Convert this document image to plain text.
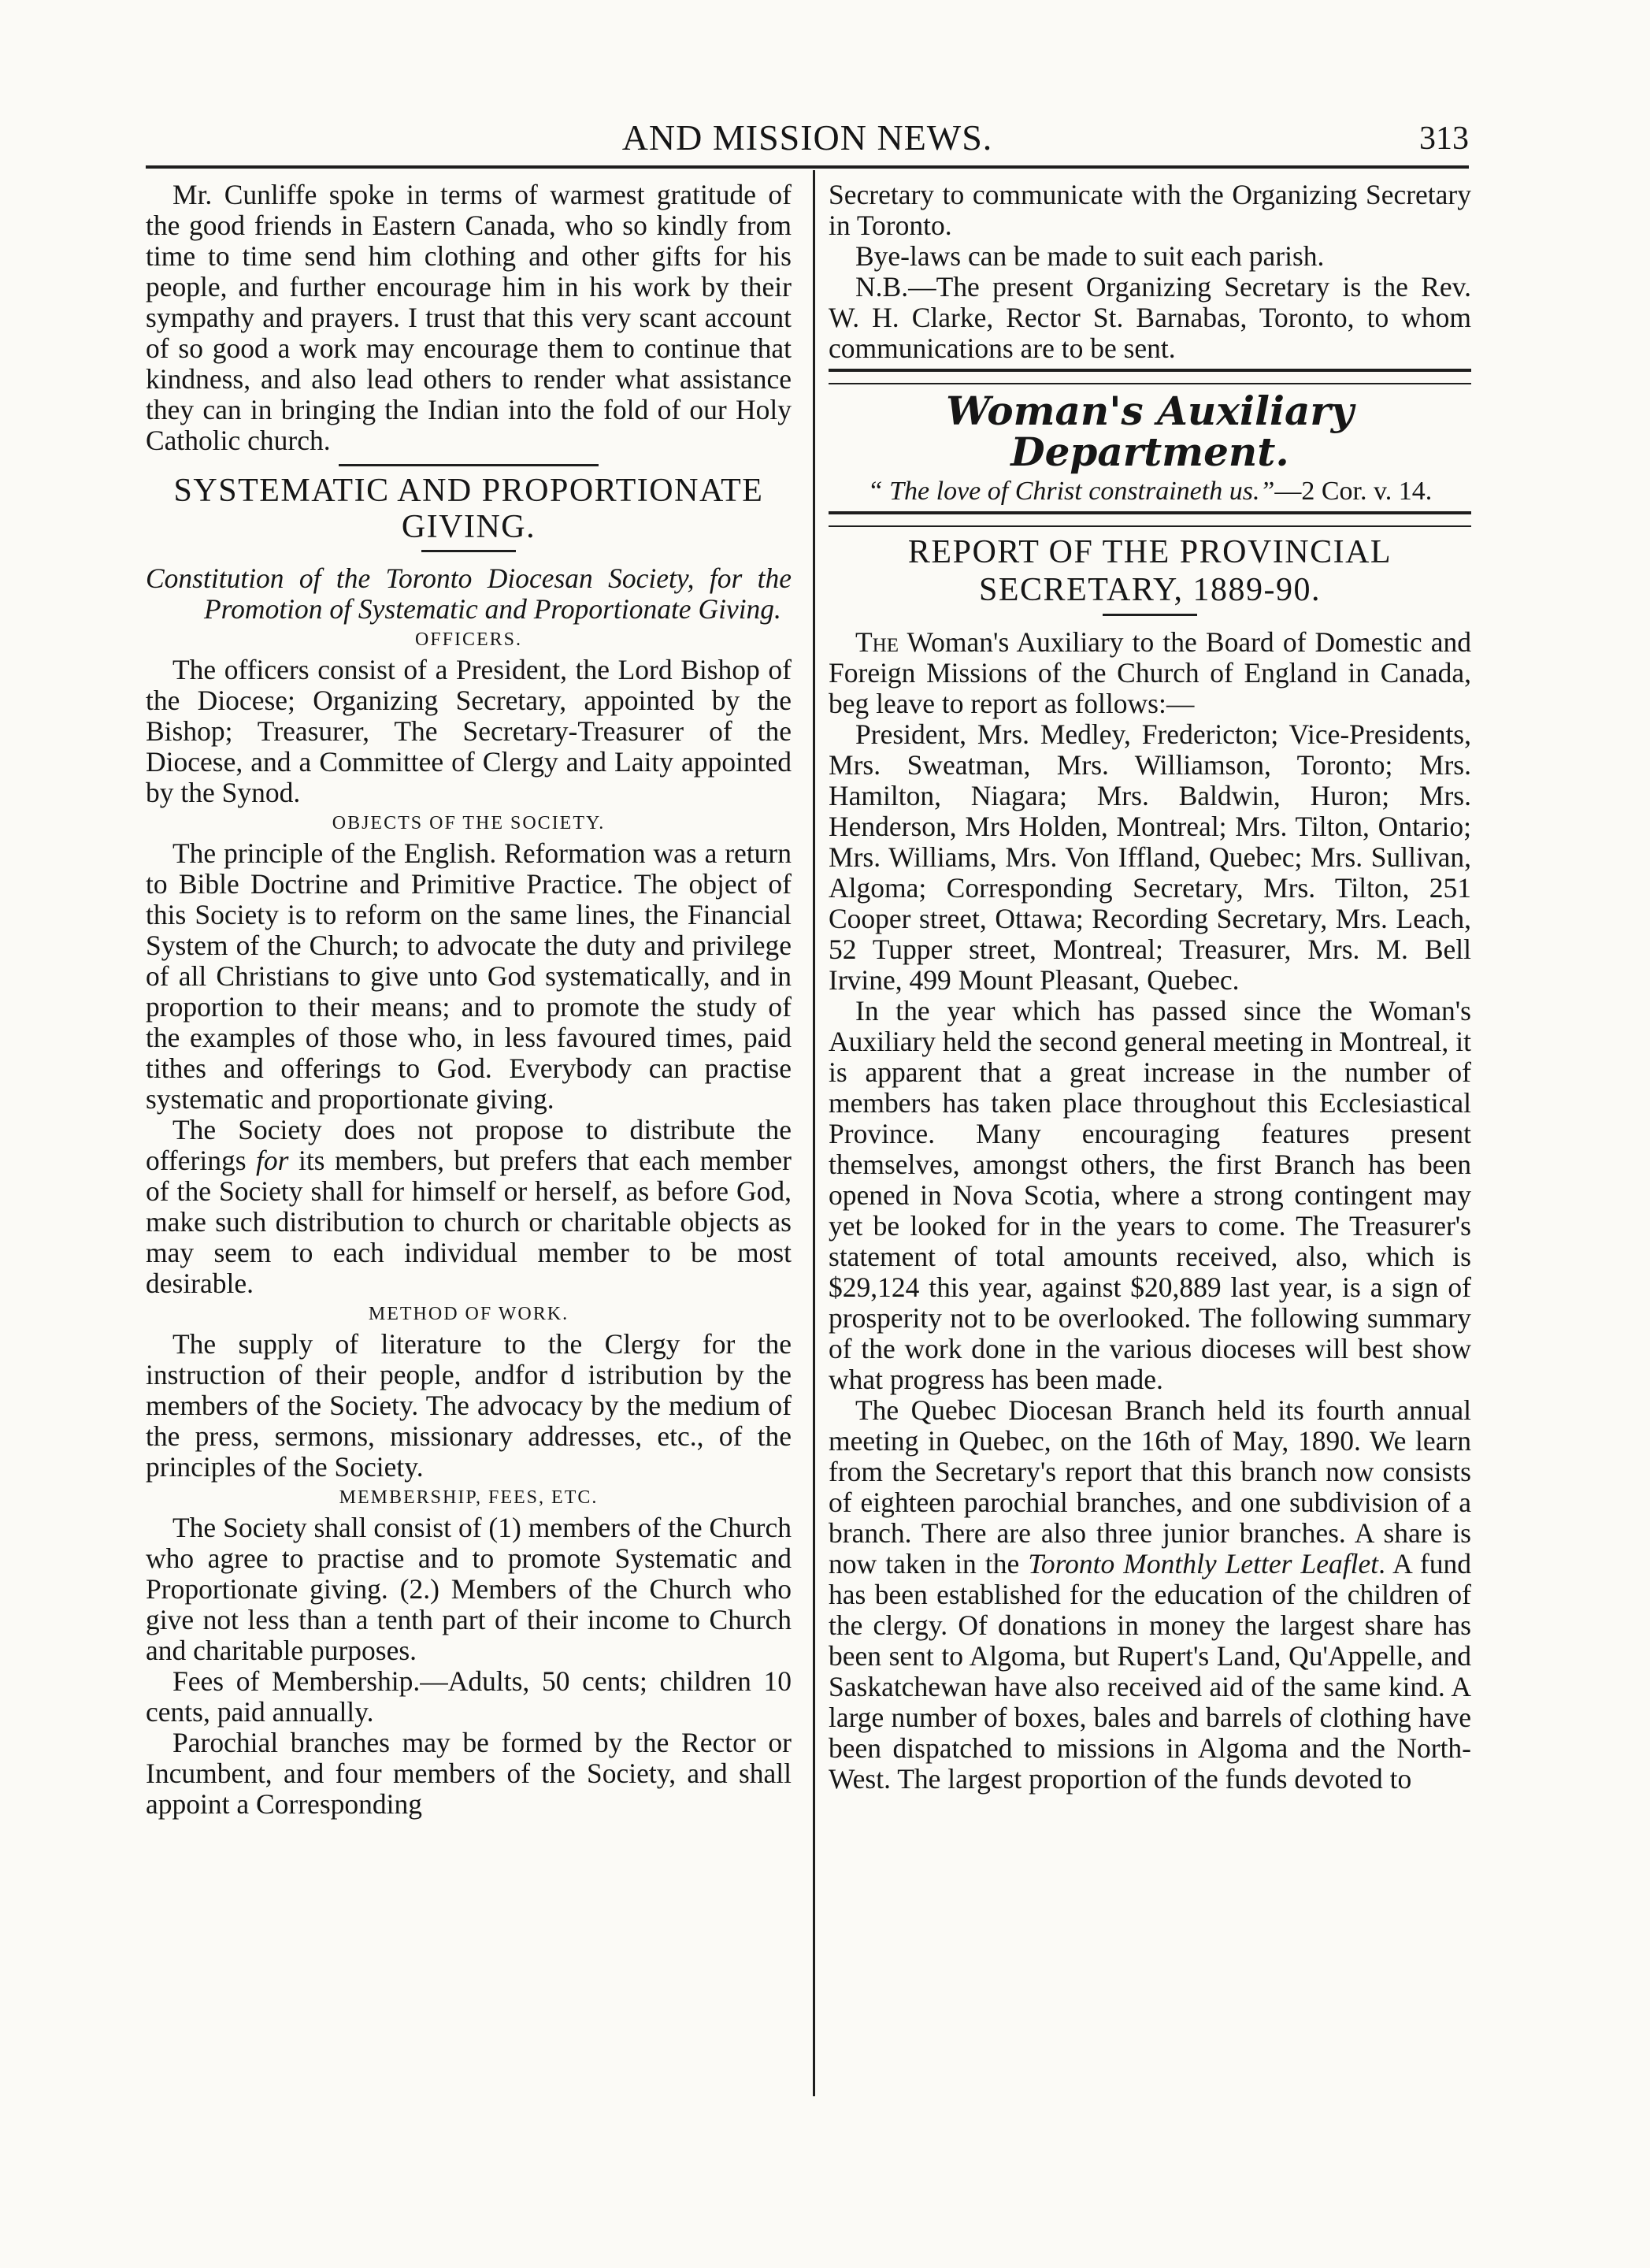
AND MISSION NEWS.	313

Mr. Cunliffe spoke in terms of warmest gratitude of the good friends in Eastern Canada, who so kindly from time to time send him clothing and other gifts for his people, and further encourage him in his work by their sympathy and prayers. I trust that this very scant account of so good a work may encourage them to continue that kindness, and also lead others to render what assistance they can in bringing the Indian into the fold of our Holy Catholic church.

SYSTEMATIC AND PROPORTIONATE GIVING.
Constitution of the Toronto Diocesan Society, for the Promotion of Systematic and Proportionate Giving.
OFFICERS.

The officers consist of a President, the Lord Bishop of the Diocese; Organizing Secretary, appointed by the Bishop; Treasurer, The Secretary-Treasurer of the Diocese, and a Committee of Clergy and Laity appointed by the Synod.

OBJECTS OF THE SOCIETY.

The principle of the English. Reformation was a return to Bible Doctrine and Primitive Practice. The object of this Society is to reform on the same lines, the Financial System of the Church; to advocate the duty and privilege of all Christians to give unto God systematically, and in proportion to their means; and to promote the study of the examples of those who, in less favoured times, paid tithes and offerings to God. Everybody can practise systematic and proportionate giving.

The Society does not propose to distribute the offerings for its members, but prefers that each member of the Society shall for himself or herself, as before God, make such distribution to church or charitable objects as may seem to each individual member to be most desirable.

METHOD OF WORK.

The supply of literature to the Clergy for the instruction of their people, andfor d istribution by the members of the Society. The advocacy by the medium of the press, sermons, missionary addresses, etc., of the principles of the Society.

MEMBERSHIP, FEES, ETC.

The Society shall consist of (1) members of the Church who agree to practise and to promote Systematic and Proportionate giving. (2.) Members of the Church who give not less than a tenth part of their income to Church and charitable purposes.

Fees of Membership.—Adults, 50 cents; children 10 cents, paid annually.

Parochial branches may be formed by the Rector or Incumbent, and four members of the Society, and shall appoint a Corresponding

Secretary to communicate with the Organizing Secretary in Toronto.

Bye-laws can be made to suit each parish.

N.B.—The present Organizing Secretary is the Rev. W. H. Clarke, Rector St. Barnabas, Toronto, to whom communications are to be sent.

Woman's Auxiliary Department.
“ The love of Christ constraineth us.”—2 Cor. v. 14.
REPORT OF THE PROVINCIAL SECRETARY, 1889-90.

The Woman's Auxiliary to the Board of Domestic and Foreign Missions of the Church of England in Canada, beg leave to report as follows:—

President, Mrs. Medley, Fredericton; Vice-Presidents, Mrs. Sweatman, Mrs. Williamson, Toronto; Mrs. Hamilton, Niagara; Mrs. Baldwin, Huron; Mrs. Henderson, Mrs Holden, Montreal; Mrs. Tilton, Ontario; Mrs. Williams, Mrs. Von Iffland, Quebec; Mrs. Sullivan, Algoma; Corresponding Secretary, Mrs. Tilton, 251 Cooper street, Ottawa; Recording Secretary, Mrs. Leach, 52 Tupper street, Montreal; Treasurer, Mrs. M. Bell Irvine, 499 Mount Pleasant, Quebec.

In the year which has passed since the Woman's Auxiliary held the second general meeting in Montreal, it is apparent that a great increase in the number of members has taken place throughout this Ecclesiastical Province. Many encouraging features present themselves, amongst others, the first Branch has been opened in Nova Scotia, where a strong contingent may yet be looked for in the years to come. The Treasurer's statement of total amounts received, also, which is $29,124 this year, against $20,889 last year, is a sign of prosperity not to be overlooked. The following summary of the work done in the various dioceses will best show what progress has been made.

The Quebec Diocesan Branch held its fourth annual meeting in Quebec, on the 16th of May, 1890. We learn from the Secretary's report that this branch now consists of eighteen parochial branches, and one subdivision of a branch. There are also three junior branches. A share is now taken in the Toronto Monthly Letter Leaflet. A fund has been established for the education of the children of the clergy. Of donations in money the largest share has been sent to Algoma, but Rupert's Land, Qu'Appelle, and Saskatchewan have also received aid of the same kind. A large number of boxes, bales and barrels of clothing have been dispatched to missions in Algoma and the North-West. The largest proportion of the funds devoted to
